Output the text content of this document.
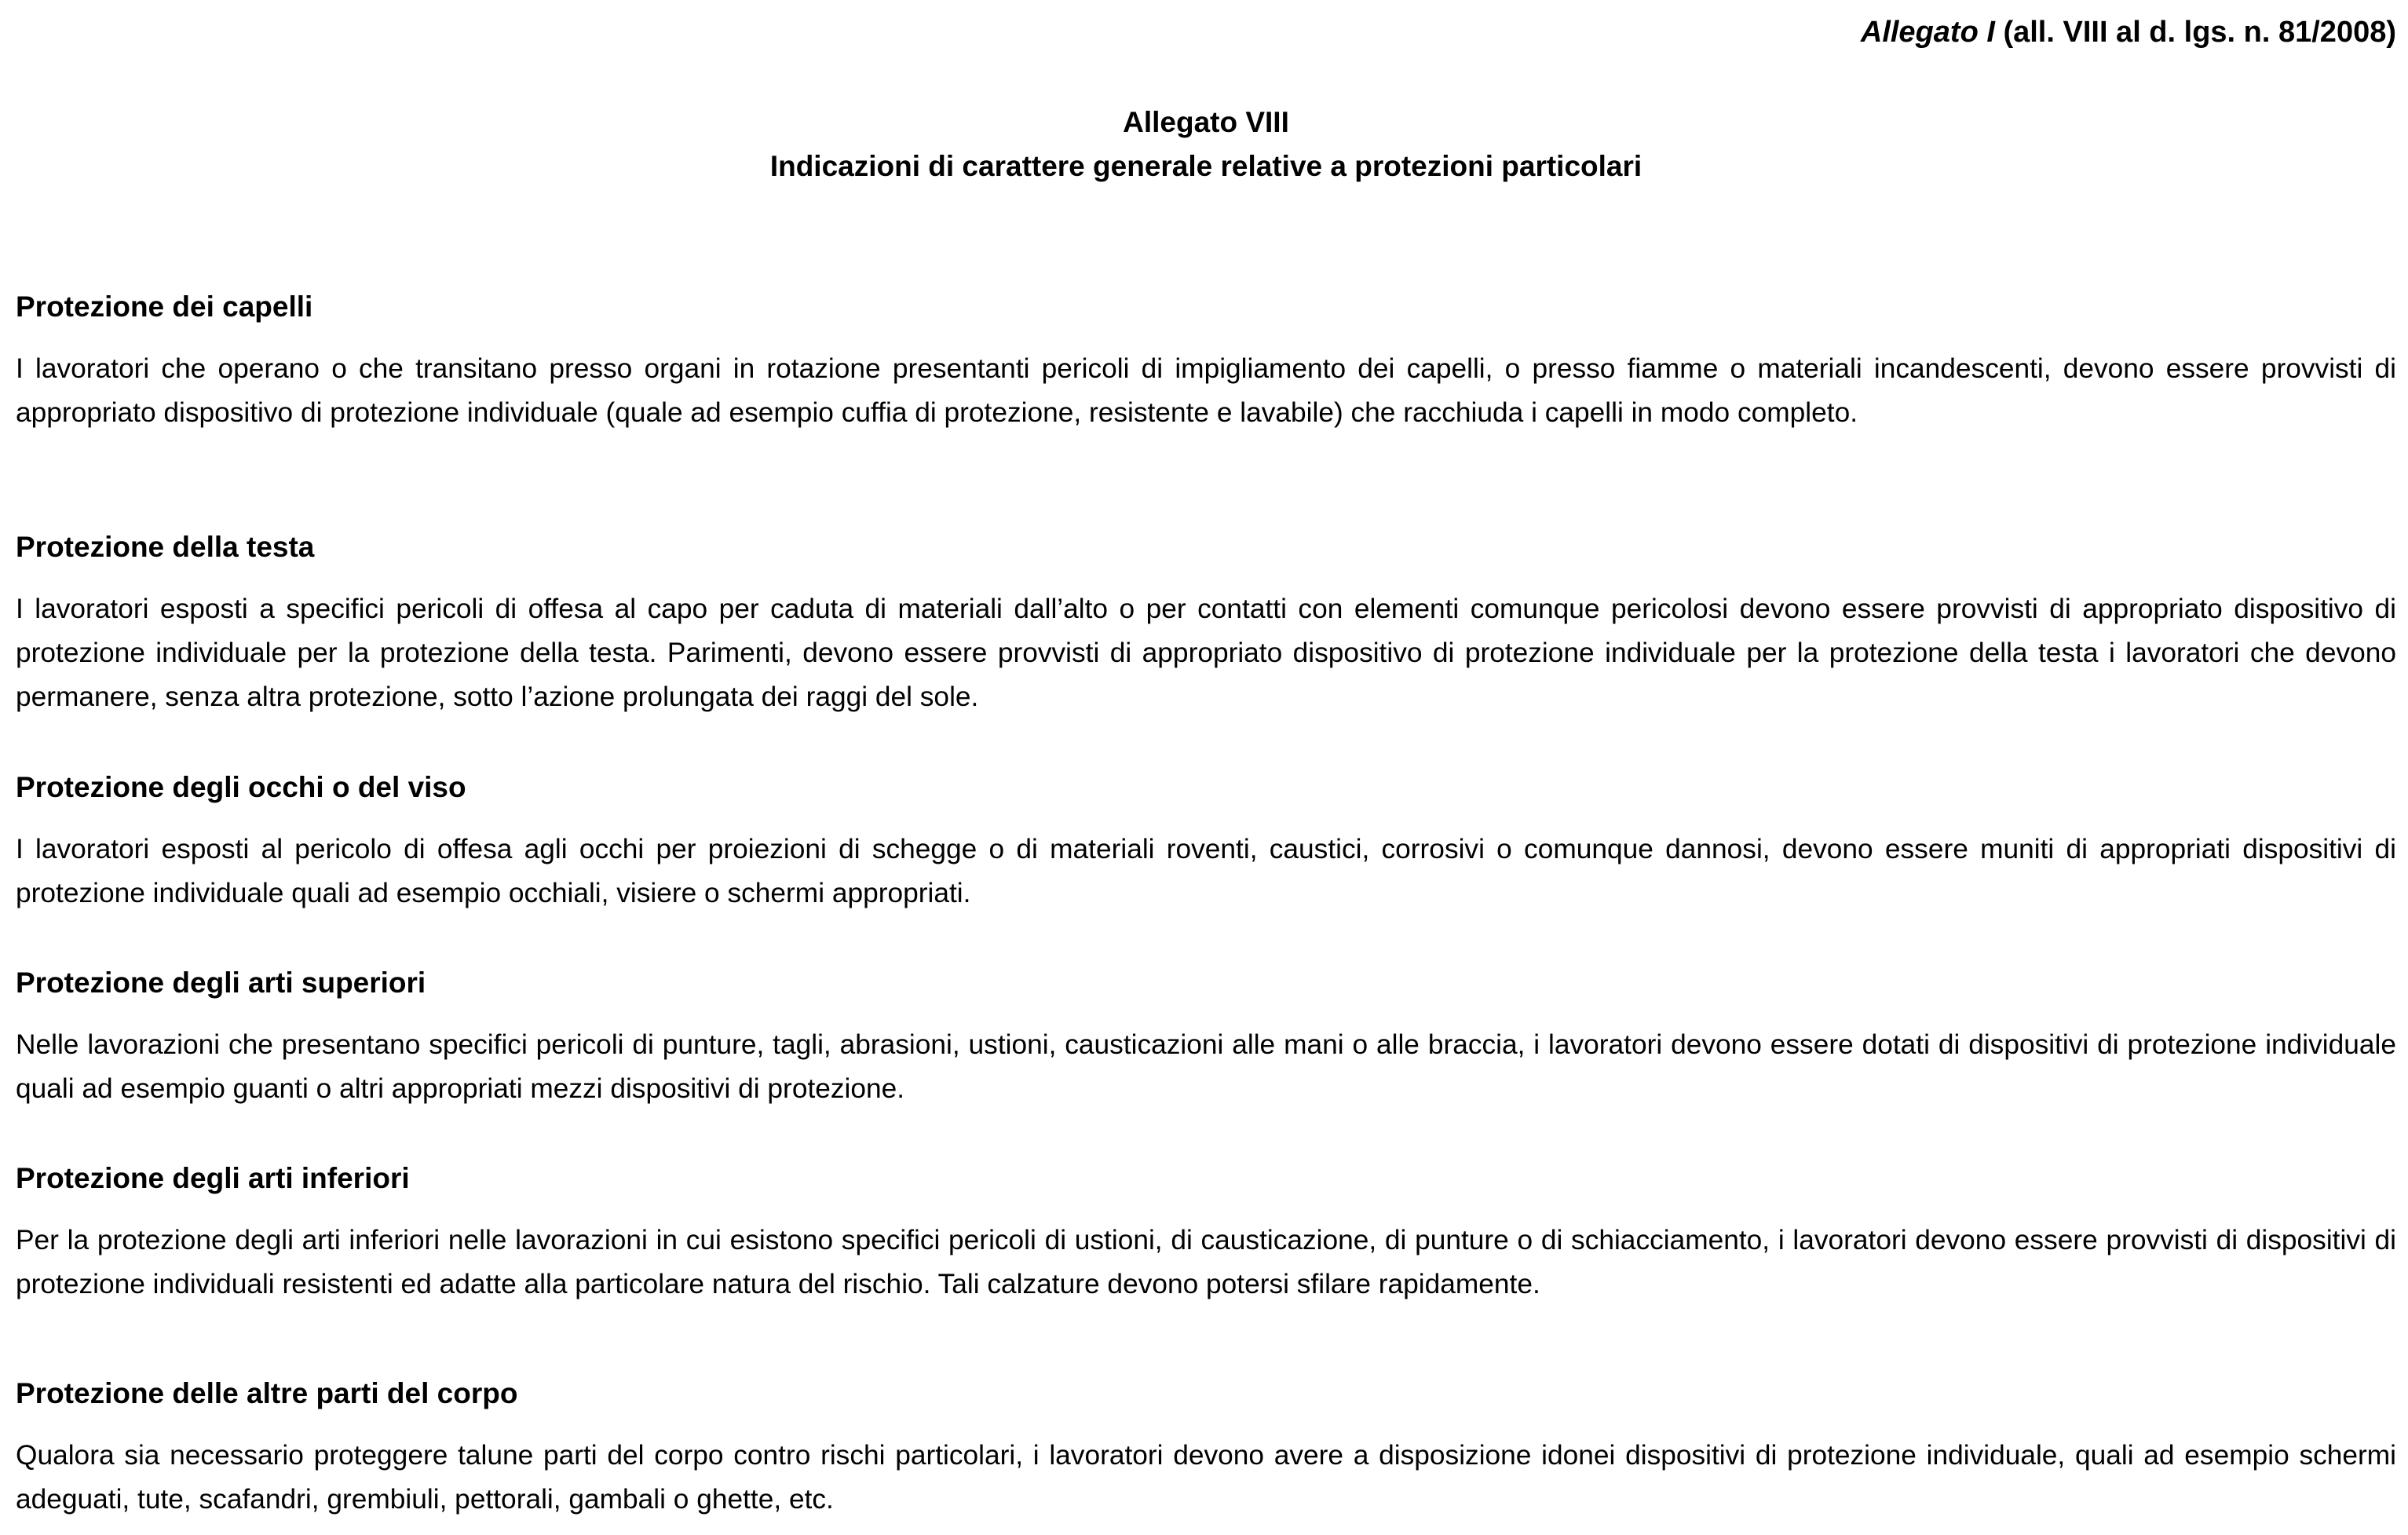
Allegato I (all. VIII al d. lgs. n. 81/2008)
Allegato VIII
Indicazioni di carattere generale relative a protezioni particolari
Protezione dei capelli

I lavoratori che operano o che transitano presso organi in rotazione presentanti pericoli di impigliamento dei capelli, o presso fiamme o materiali incandescenti, devono essere provvisti di appropriato dispositivo di protezione individuale (quale ad esempio cuffia di protezione, resistente e lavabile) che racchiuda i capelli in modo completo.

Protezione della testa

I lavoratori esposti a specifici pericoli di offesa al capo per caduta di materiali dall’alto o per contatti con elementi comunque pericolosi devono essere provvisti di appropriato dispositivo di protezione individuale per la protezione della testa. Parimenti, devono essere provvisti di appropriato dispositivo di protezione individuale per la protezione della testa i lavoratori che devono permanere, senza altra protezione, sotto l’azione prolungata dei raggi del sole.

Protezione degli occhi o del viso

I lavoratori esposti al pericolo di offesa agli occhi per proiezioni di schegge o di materiali roventi, caustici, corrosivi o comunque dannosi, devono essere muniti di appropriati dispositivi di protezione individuale quali ad esempio occhiali, visiere o schermi appropriati.

Protezione degli arti superiori

Nelle lavorazioni che presentano specifici pericoli di punture, tagli, abrasioni, ustioni, causticazioni alle mani o alle braccia, i lavoratori devono essere dotati di dispositivi di protezione individuale quali ad esempio guanti o altri appropriati mezzi dispositivi di protezione.

Protezione degli arti inferiori

Per la protezione degli arti inferiori nelle lavorazioni in cui esistono specifici pericoli di ustioni, di causticazione, di punture o di schiacciamento, i lavoratori devono essere provvisti di dispositivi di protezione individuali resistenti ed adatte alla particolare natura del rischio. Tali calzature devono potersi sfilare rapidamente.

Protezione delle altre parti del corpo

Qualora sia necessario proteggere talune parti del corpo contro rischi particolari, i lavoratori devono avere a disposizione idonei dispositivi di protezione individuale, quali ad esempio schermi adeguati, tute, scafandri, grembiuli, pettorali, gambali o ghette, etc.
